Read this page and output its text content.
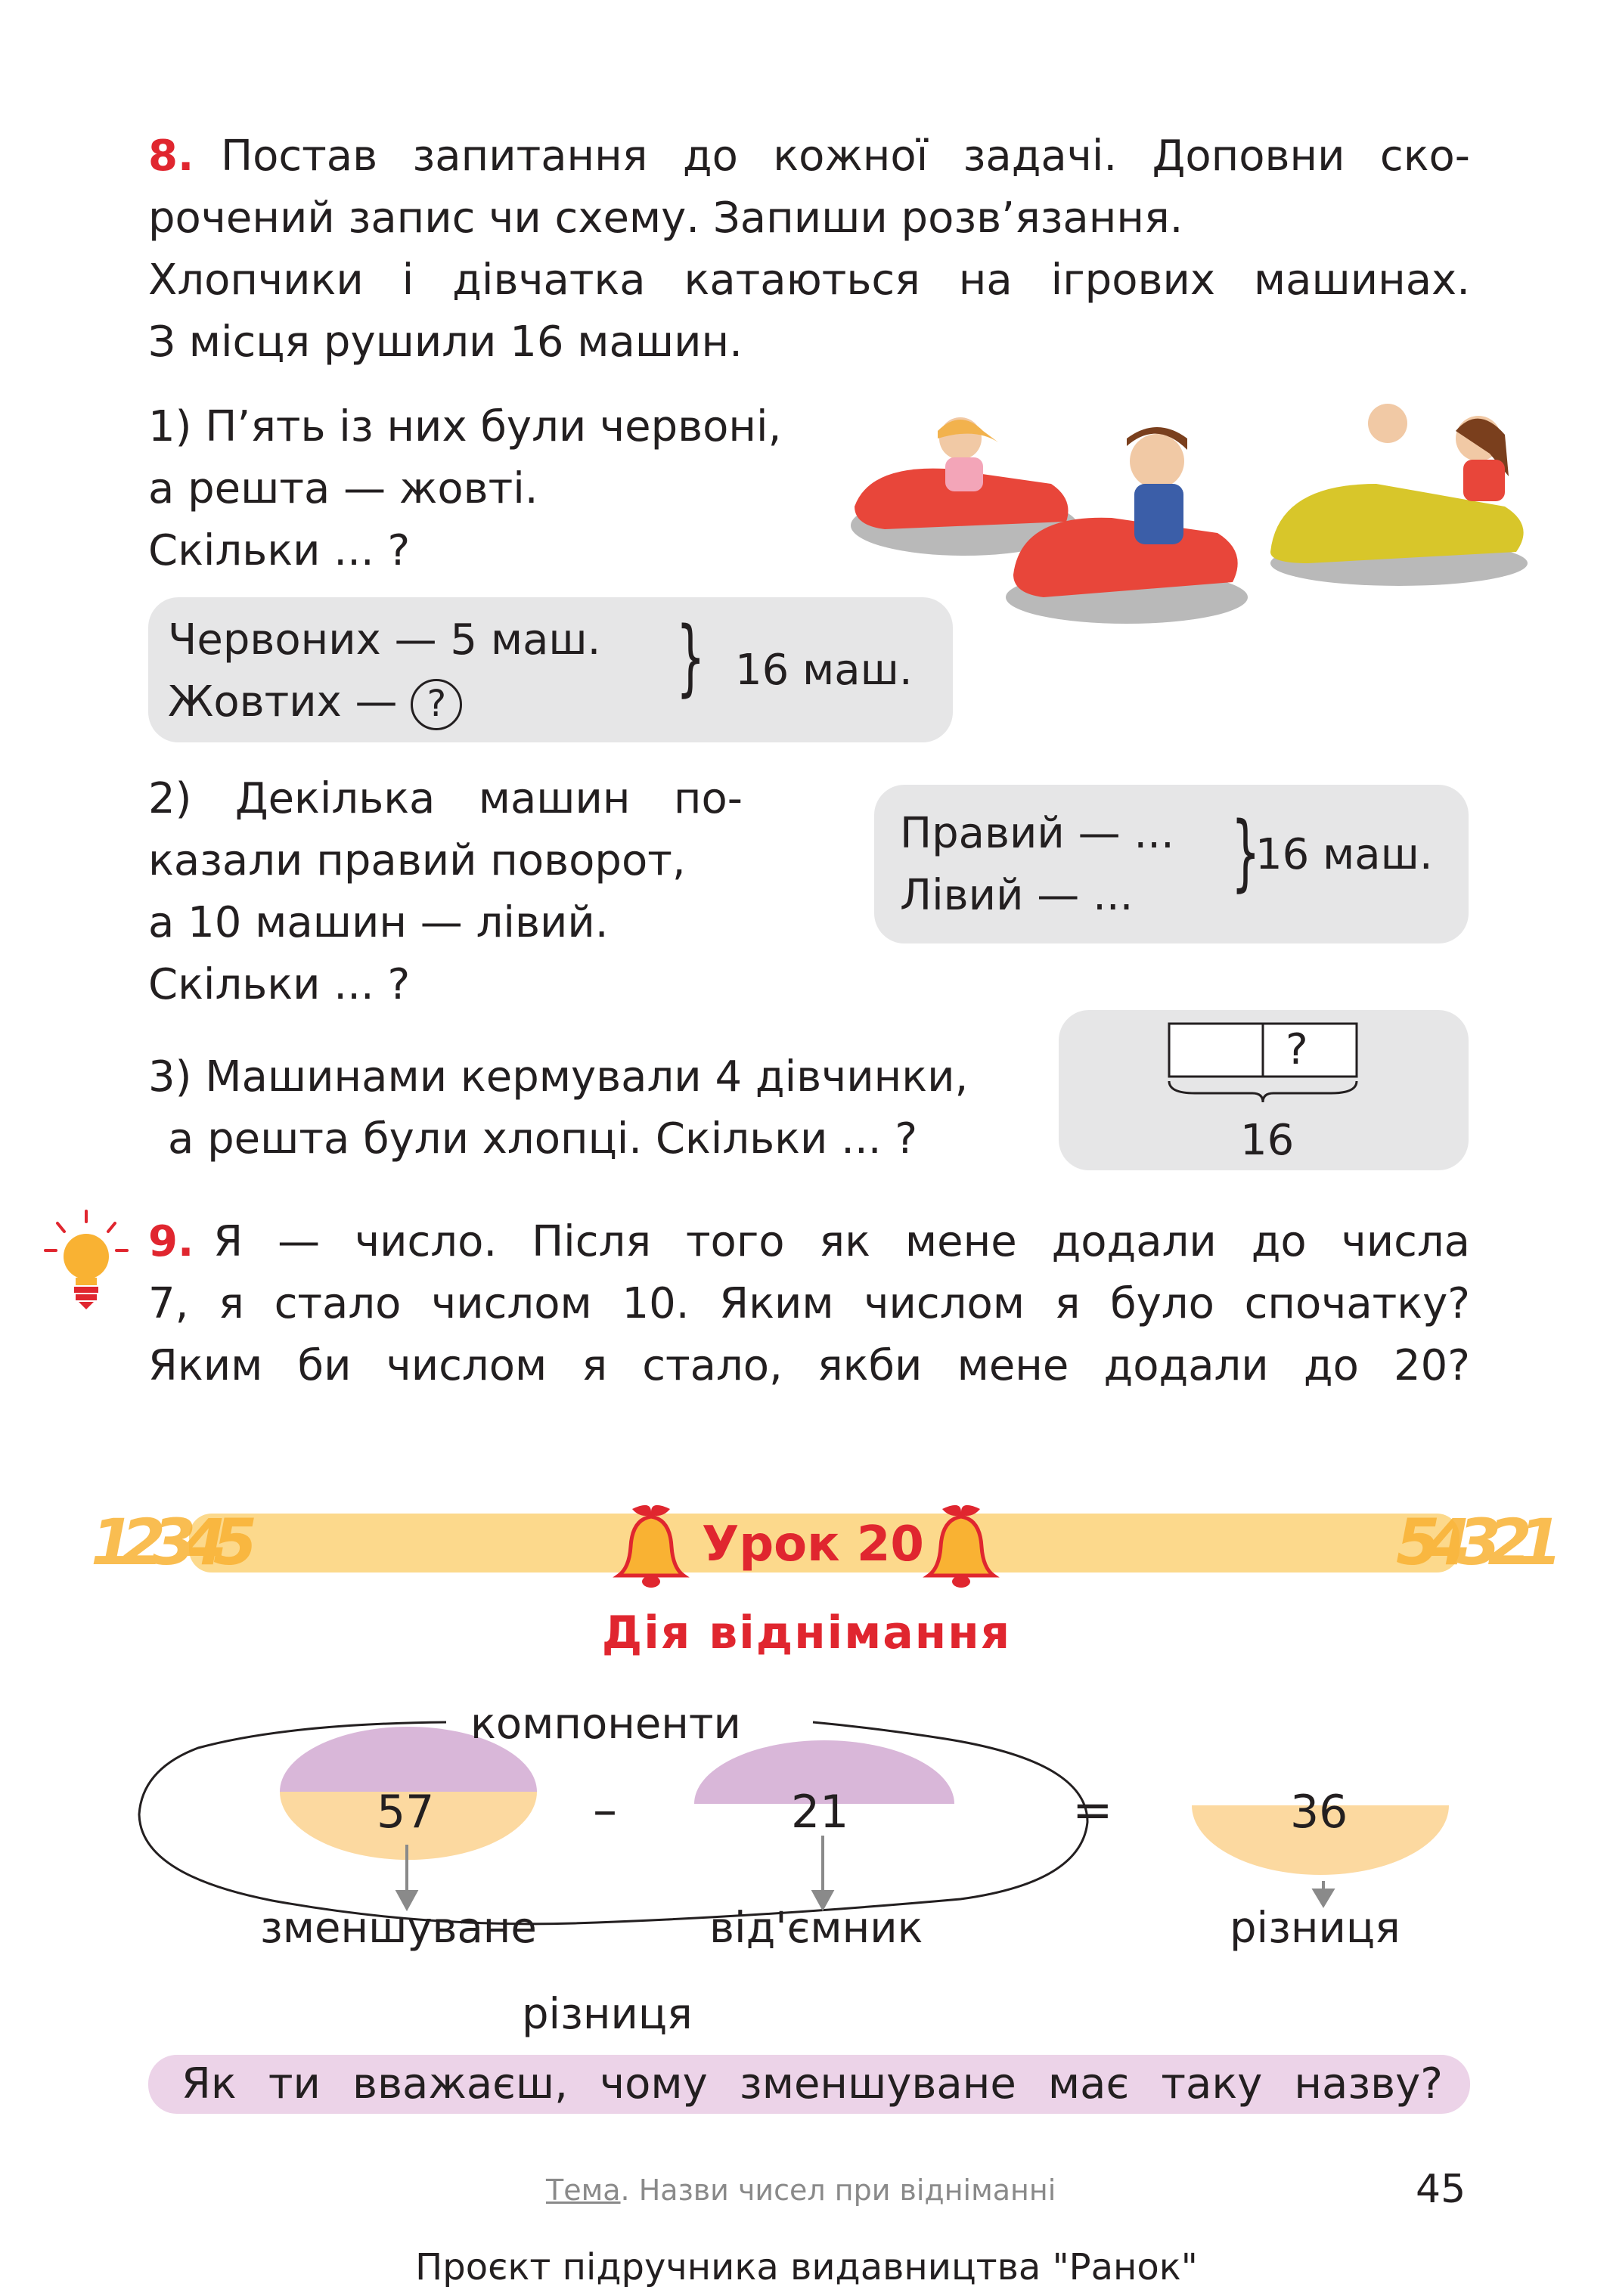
8. Постав запитання до кожної задачі. Доповни ско-
рочений запис чи схему. Запиши розв’язання.
Хлопчики і дівчатка катаються на ігрових машинах.
З місця рушили 16 машин.
1) П’ять із них були червоні,
а решта — жовті.
Скільки ... ?
Червоних — 5 маш.
Жовтих — ?	} 16 маш.
2) Декілька машин по-
казали правий поворот,
а 10 машин — лівий.
Скільки ... ?
Правий — ...
Лівий — ... }
16 маш.
3) Машинами кермували 4 дівчинки,
а решта були хлопці. Скільки ... ?
?
16
9. Я — число. Після того як мене додали до числа
7, я стало числом 10. Яким числом я було спочатку?
Яким би числом я стало, якби мене додали до 20?
12345	54321
Урок 20
Дія віднімання
компоненти
57	–	21	=	36
зменшуване	від'ємник	різниця
різниця
Як ти вважаєш, чому зменшуване має таку назву?
Тема. Назви чисел при відніманні	45
Проєкт підручника видавництва "Ранок"
